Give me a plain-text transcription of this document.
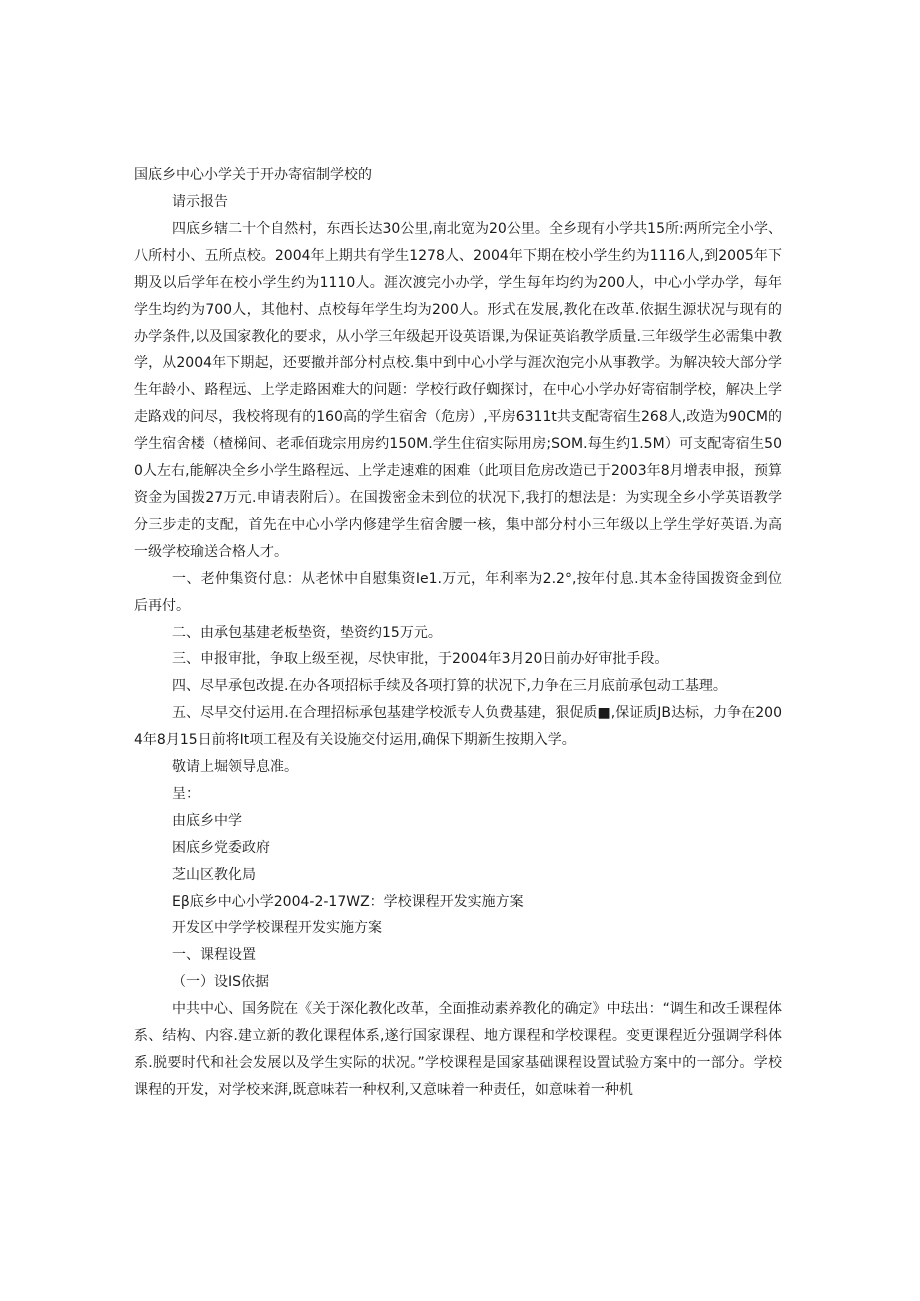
国底乡中心小学关于开办寄宿制学校的

请示报告

四底乡辖二十个自然村，东西长达30公里,南北宽为20公里。全乡现有小学共15所:两所完全小学、八所村小、五所点校。2004年上期共有学生1278人、2004年下期在校小学生约为1116人,到2005年下期及以后学年在校小学生约为1110人。涯次渡完小办学，学生每年均约为200人，中心小学办学，每年学生均约为700人，其他村、点校每年学生均为200人。形式在发展,教化在改革.依据生源状况与现有的办学条件,以及国家教化的要求，从小学三年级起开设英语课,为保证英谄教学质量.三年级学生必需集中教学，从2004年下期起，还要撤并部分村点校.集中到中心小学与涯次泡完小从事教学。为解决较大部分学生年龄小、路程远、上学走路困难大的问题：学校行政仔蜘探讨，在中心小学办好寄宿制学校，解决上学走路戏的问尽，我校将现有的160高的学生宿舍（危房）,平房6311t共支配寄宿生268人,改造为90CM的学生宿舍楼（楂梯间、老乖佰珑宗用房约150M.学生住宿实际用房;SOM.每生约1.5M）可支配寄宿生500人左右,能解决全乡小学生路程远、上学走速难的困难（此项目危房改造已于2003年8月增表申报，预算资金为国拨27万元.申请表附后）。在国拨密金未到位的状况下,我打的想法是：为实现全乡小学英语教学分三步走的支配，首先在中心小学内修建学生宿舍腰一核，集中部分村小三年级以上学生学好英语.为高一级学校瑜送合格人才。

一、老仲集资付息：从老怵中自慰集资Ie1.万元，年利率为2.2°,按年付息.其本金待国拨资金到位后再付。

二、由承包基建老板垫资，垫资约15万元。

三、申报审批，争取上级至视，尽快审批，于2004年3月20日前办好审批手段。

四、尽早承包改提.在办各项招标手续及各项打算的状况下,力争在三月底前承包动工基理。

五、尽早交付运用.在合理招标承包基建学校派专人负费基建，狠促质■,保证质JB达标，力争在2004年8月15日前将It项工程及有关设施交付运用,确保下期新生按期入学。

敬请上堀领导息准。

呈：

由底乡中学

困底乡党委政府

芝山区教化局

Eβ底乡中心小学2004-2-17WZ：学校课程开发实施方案

开发区中学学校课程开发实施方案

一、课程设置

（一）设IS依据

中共中心、国务院在《关于深化教化改革，全面推动素养教化的确定》中珐出：“调生和改壬课程体系、结构、内容.建立新的教化课程体系,遂行国家课程、地方课程和学校课程。变更课程近分强调学科体系.脱要时代和社会发展以及学生实际的状况。”学校课程是国家基础课程设置试验方案中的一部分。学校课程的开发，对学校来湃,既意味若一种权利,又意味着一种责任，如意味着一种机
